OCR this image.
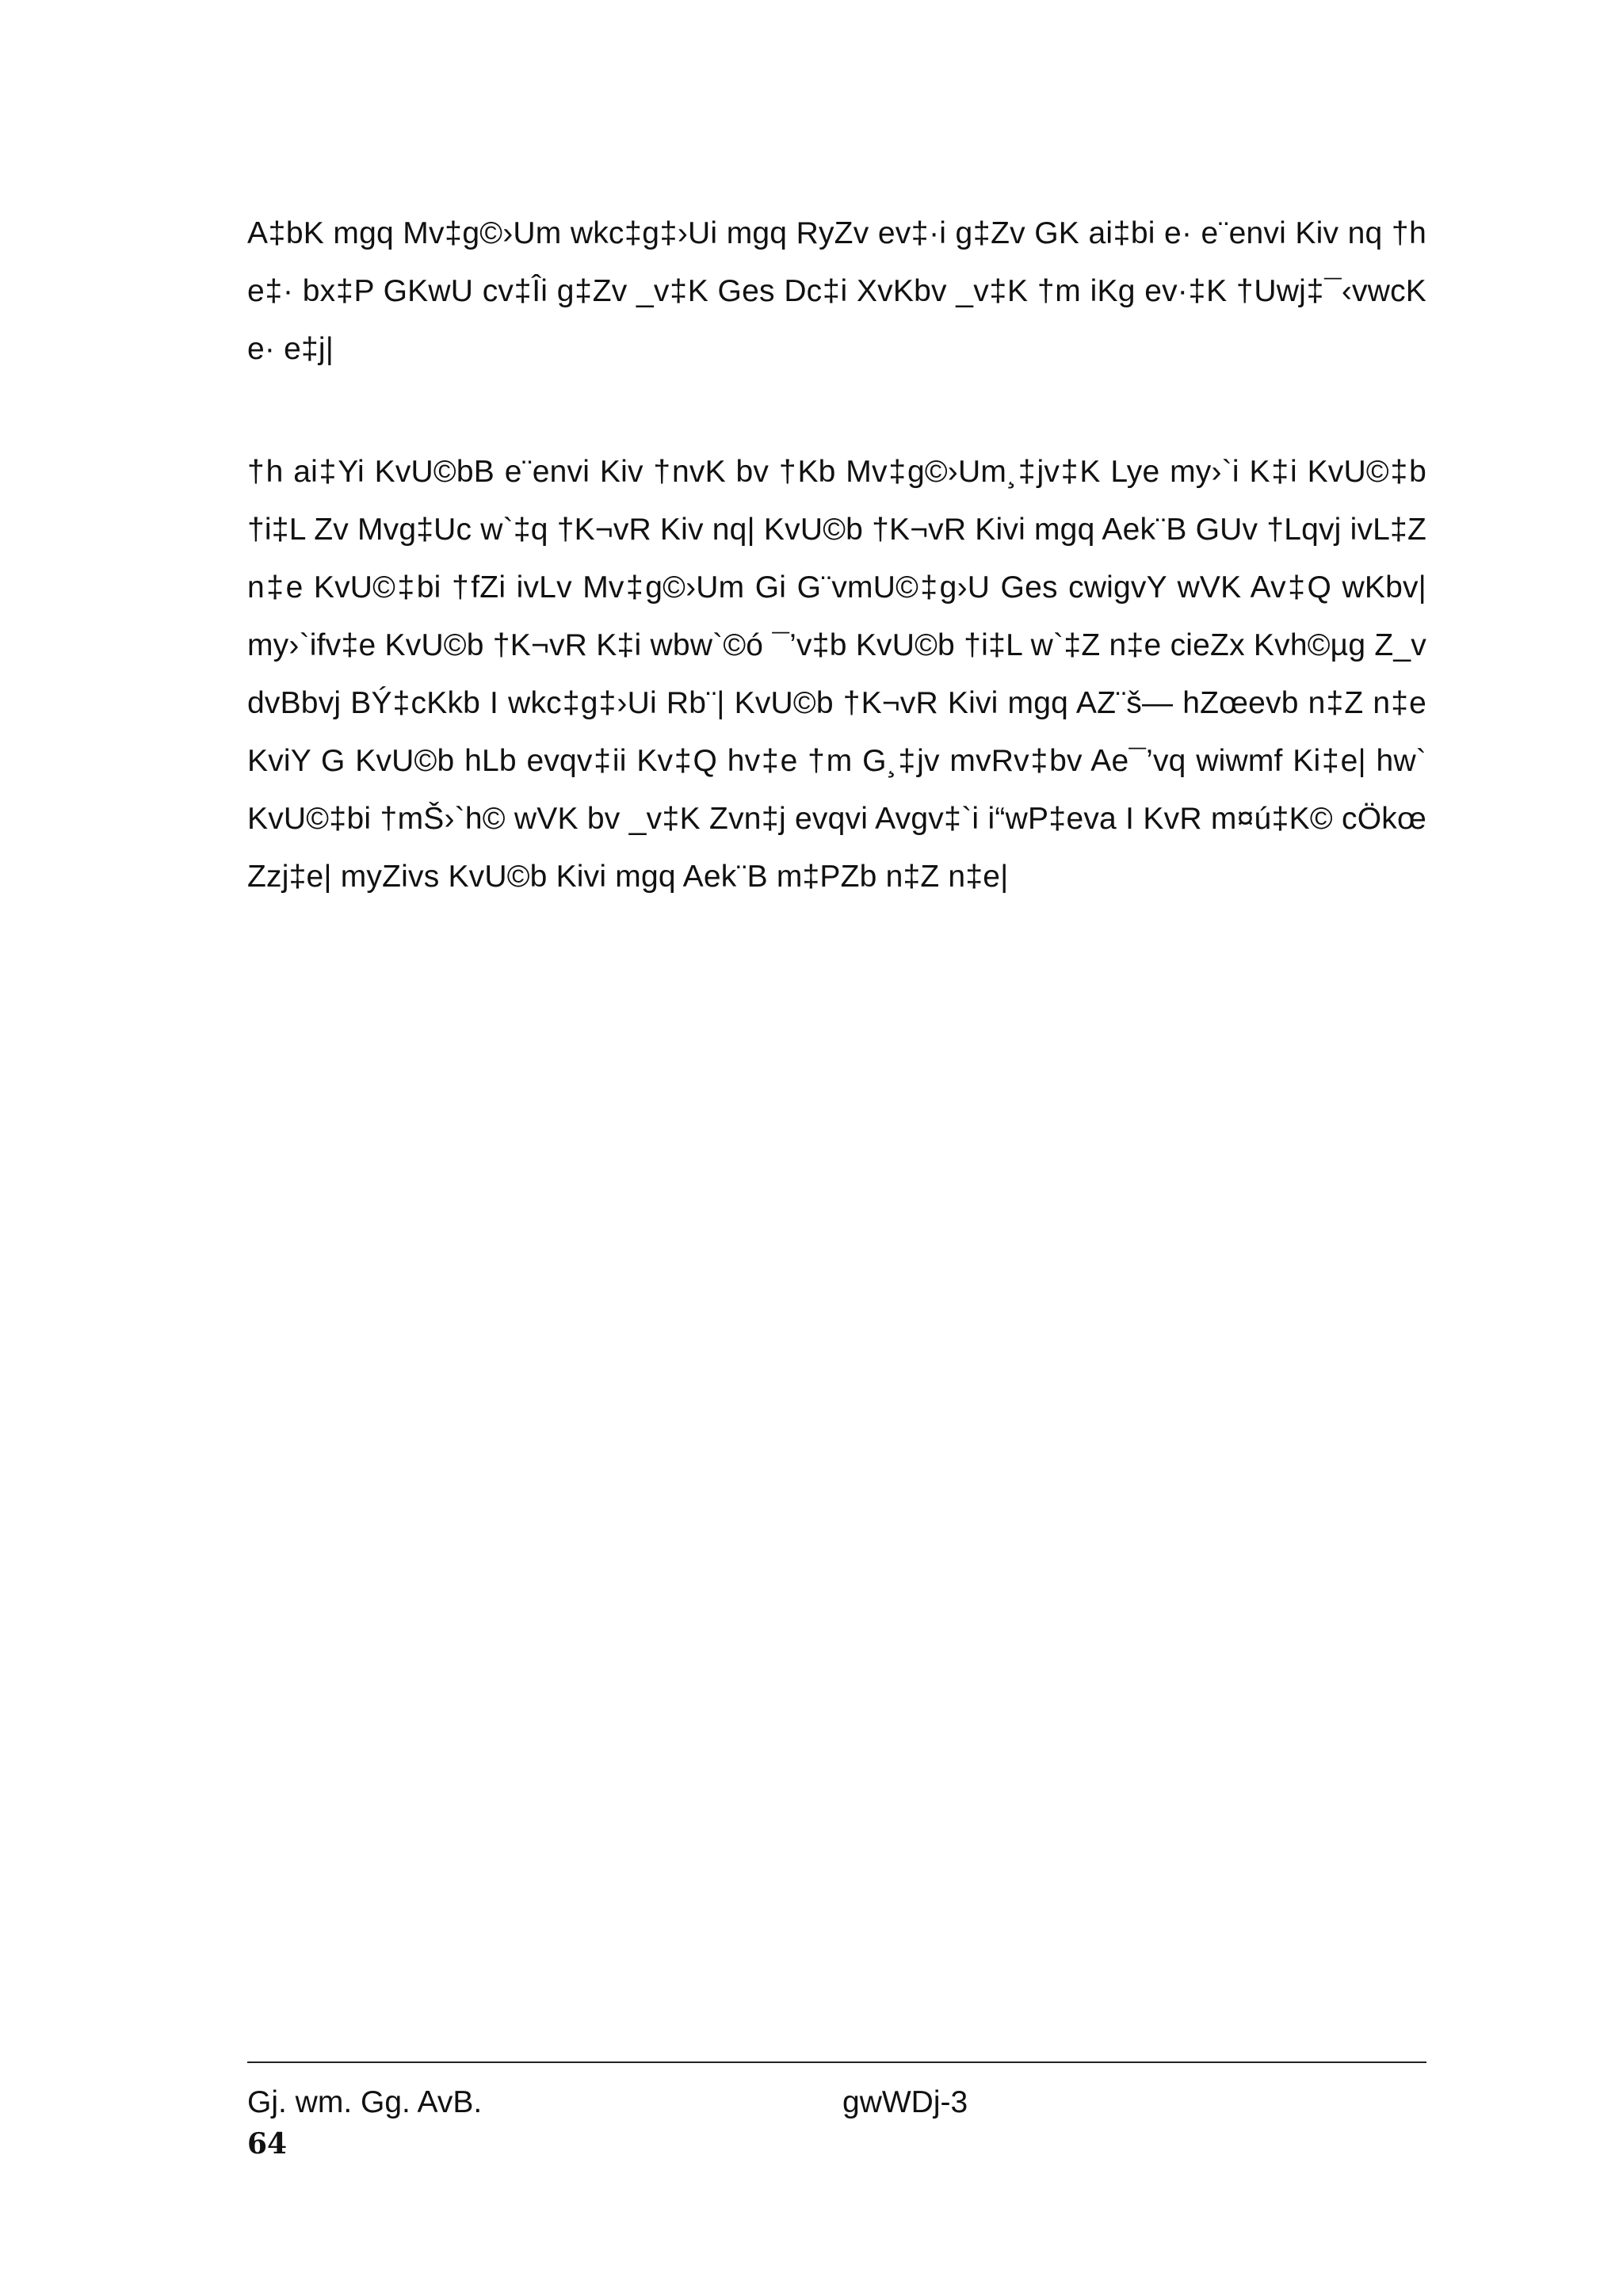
A‡bK mgq Mv‡g©›Um wkc‡g‡›Ui mgq RyZv ev‡·i g‡Zv GK ai‡bi e· e¨envi Kiv nq †h e‡· bx‡P GKwU cv‡Îi g‡Zv _v‡K Ges Dc‡i XvKbv _v‡K †m iKg ev·‡K †Uwj‡¯‹vwcK e· e‡j|

†h ai‡Yi KvU©bB e¨envi Kiv †nvK bv †Kb Mv‡g©›Um¸‡jv‡K Lye my›`i K‡i KvU©‡b †i‡L Zv Mvg‡Uc w`‡q †K¬vR Kiv nq| KvU©b †K¬vR Kivi mgq Aek¨B GUv †Lqvj ivL‡Z n‡e KvU©‡bi †fZi ivLv Mv‡g©›Um Gi G¨vmU©‡g›U Ges cwigvY wVK Av‡Q wKbv| my›`ifv‡e KvU©b †K¬vR K‡i wbw`©ó ¯’v‡b KvU©b †i‡L w`‡Z n‡e cieZx Kvh©µg Z_v dvBbvj BÝ‡cKkb I wkc‡g‡›Ui Rb¨| KvU©b †K¬vR Kivi mgq AZ¨š— hZœevb n‡Z n‡e KviY G KvU©b hLb evqv‡ii Kv‡Q hv‡e †m G¸‡jv mvRv‡bv Ae¯’vq wiwmf Ki‡e| hw` KvU©‡bi †mŠ›`h© wVK bv _v‡K Zvn‡j evqvi Avgv‡`i i“wP‡eva I KvR m¤ú‡K© cÖkœ Zzj‡e| myZivs KvU©b Kivi mgq Aek¨B m‡PZb n‡Z n‡e|

Gj. wm. Gg. AvB.	gwWDj-3
64
